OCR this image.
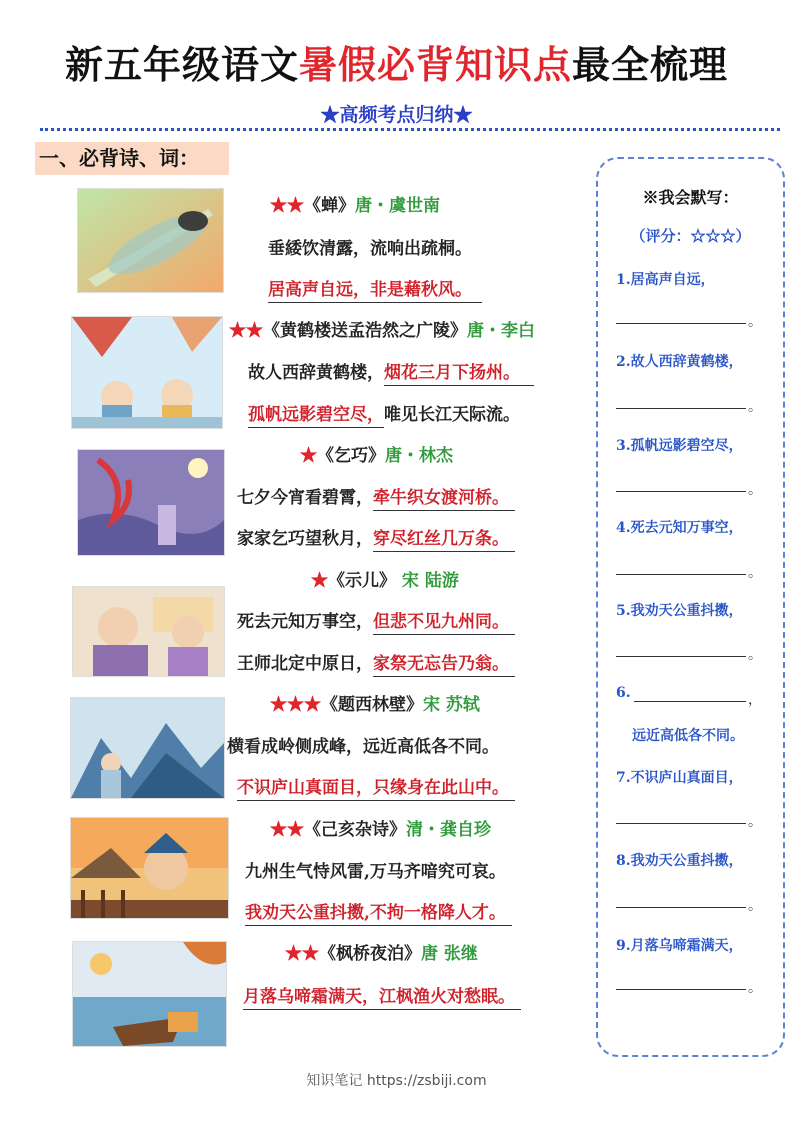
新五年级语文暑假必背知识点最全梳理
★高频考点归纳★
一、必背诗、词：
★★《蝉》唐・虞世南
垂緌饮清露，流响出疏桐。
居高声自远，非是藉秋风。
★★《黄鹤楼送孟浩然之广陵》唐・李白
故人西辞黄鹤楼，烟花三月下扬州。
孤帆远影碧空尽，唯见长江天际流。
★《乞巧》唐・林杰
七夕今宵看碧霄，牵牛织女渡河桥。
家家乞巧望秋月，穿尽红丝几万条。
★《示儿》 宋 陆游
死去元知万事空，但悲不见九州同。
王师北定中原日，家祭无忘告乃翁。
★★★《题西林壁》宋 苏轼
横看成岭侧成峰，远近高低各不同。
不识庐山真面目，只缘身在此山中。
★★《己亥杂诗》清・龚自珍
九州生气恃风雷,万马齐喑究可哀。
我劝天公重抖擞,不拘一格降人才。
★★《枫桥夜泊》唐 张继
月落乌啼霜满天，江枫渔火对愁眠。
※我会默写：
（评分：☆☆☆）
1.居高声自远，
。
2.故人西辞黄鹤楼，
。
3.孤帆远影碧空尽，
。
4.死去元知万事空，
。
5.我劝天公重抖擞，
。
6.	，
远近高低各不同。
7.不识庐山真面目，
。
8.我劝天公重抖擞，
。
9.月落乌啼霜满天，
。
知识笔记 https://zsbiji.com
